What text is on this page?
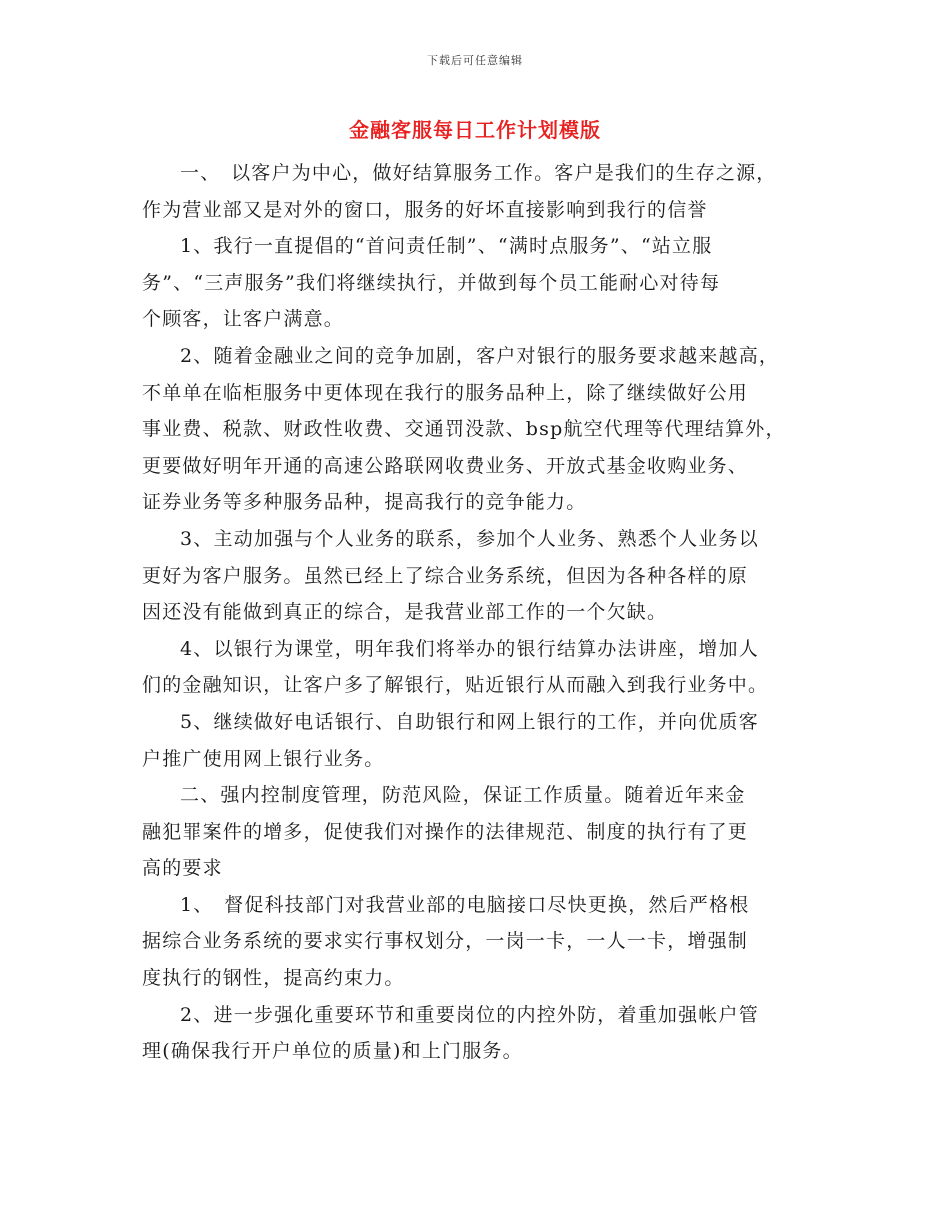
下载后可任意编辑
金融客服每日工作计划模版

一、　以客户为中心，做好结算服务工作。客户是我们的生存之源，
作为营业部又是对外的窗口，服务的好坏直接影响到我行的信誉

1、我行一直提倡的“首问责任制”、“满时点服务”、“站立服
务”、“三声服务”我们将继续执行，并做到每个员工能耐心对待每
个顾客，让客户满意。

2、随着金融业之间的竞争加剧，客户对银行的服务要求越来越高，
不单单在临柜服务中更体现在我行的服务品种上，除了继续做好公用
事业费、税款、财政性收费、交通罚没款、bsp航空代理等代理结算外，
更要做好明年开通的高速公路联网收费业务、开放式基金收购业务、
证券业务等多种服务品种，提高我行的竞争能力。

3、主动加强与个人业务的联系，参加个人业务、熟悉个人业务以
更好为客户服务。虽然已经上了综合业务系统，但因为各种各样的原
因还没有能做到真正的综合，是我营业部工作的一个欠缺。

4、以银行为课堂，明年我们将举办的银行结算办法讲座，增加人
们的金融知识，让客户多了解银行，贴近银行从而融入到我行业务中。

5、继续做好电话银行、自助银行和网上银行的工作，并向优质客
户推广使用网上银行业务。

二、强内控制度管理，防范风险，保证工作质量。随着近年来金
融犯罪案件的增多，促使我们对操作的法律规范、制度的执行有了更
高的要求

1、　督促科技部门对我营业部的电脑接口尽快更换，然后严格根
据综合业务系统的要求实行事权划分，一岗一卡，一人一卡，增强制
度执行的钢性，提高约束力。

2、进一步强化重要环节和重要岗位的内控外防，着重加强帐户管
理(确保我行开户单位的质量)和上门服务。
